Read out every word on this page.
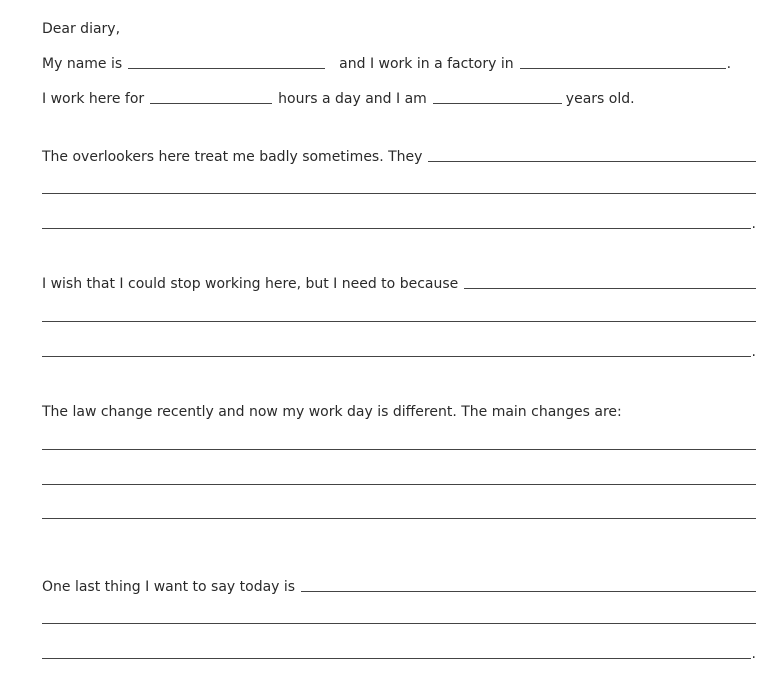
Dear diary,
My name is	and I work in a factory in	.
I work here for	hours a day and I am	years old.
The overlookers here treat me badly sometimes. They
.
I wish that I could stop working here, but I need to because
.
The law change recently and now my work day is different. The main changes are:
One last thing I want to say today is
.
